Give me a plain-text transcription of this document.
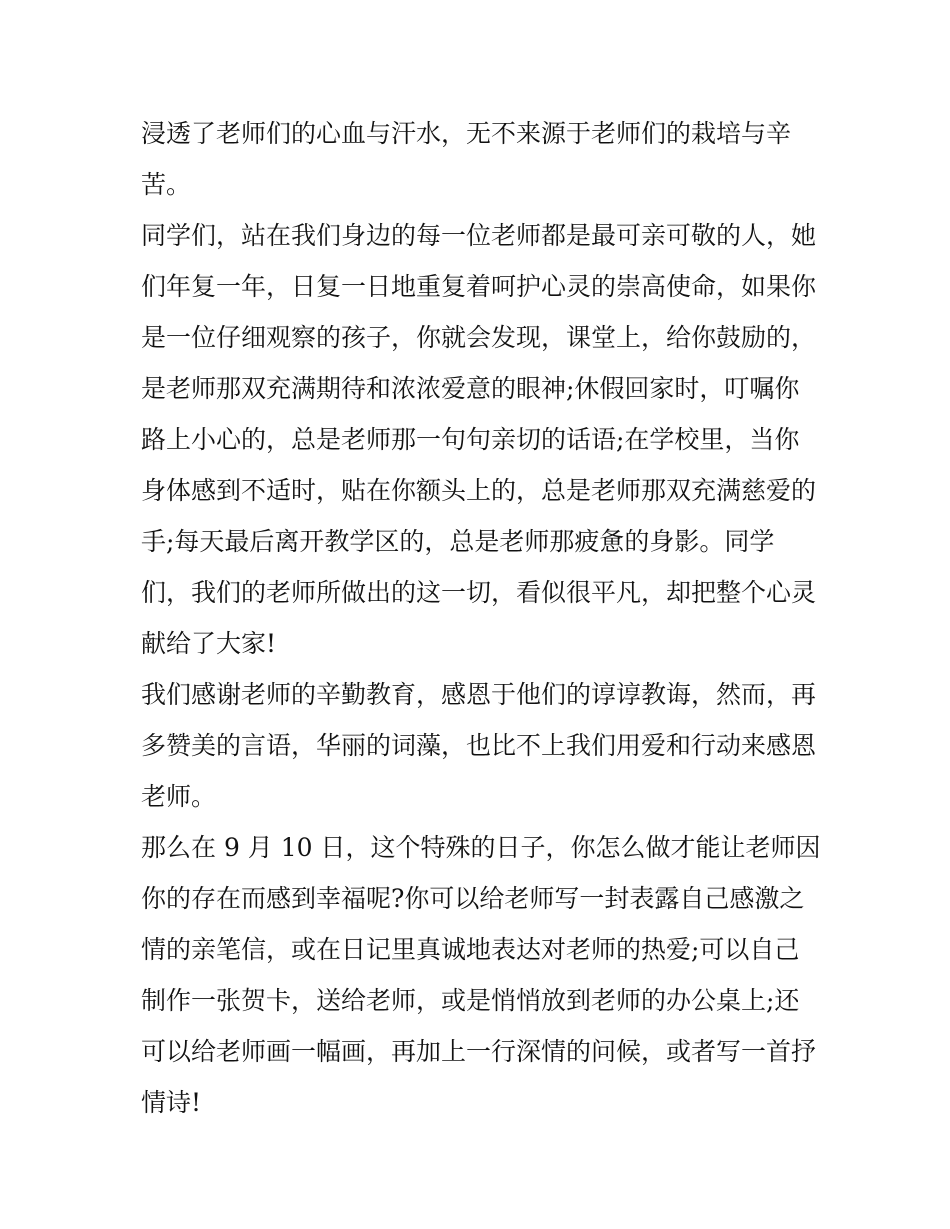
浸透了老师们的心血与汗水，无不来源于老师们的栽培与辛
苦。

同学们，站在我们身边的每一位老师都是最可亲可敬的人，她
们年复一年，日复一日地重复着呵护心灵的崇高使命，如果你
是一位仔细观察的孩子，你就会发现，课堂上，给你鼓励的，
是老师那双充满期待和浓浓爱意的眼神;休假回家时，叮嘱你
路上小心的，总是老师那一句句亲切的话语;在学校里，当你
身体感到不适时，贴在你额头上的，总是老师那双充满慈爱的
手;每天最后离开教学区的，总是老师那疲惫的身影。同学
们，我们的老师所做出的这一切，看似很平凡，却把整个心灵
献给了大家!

我们感谢老师的辛勤教育，感恩于他们的谆谆教诲，然而，再
多赞美的言语，华丽的词藻，也比不上我们用爱和行动来感恩
老师。

那么在 9 月 10 日，这个特殊的日子，你怎么做才能让老师因
你的存在而感到幸福呢?你可以给老师写一封表露自己感激之
情的亲笔信，或在日记里真诚地表达对老师的热爱;可以自己
制作一张贺卡，送给老师，或是悄悄放到老师的办公桌上;还
可以给老师画一幅画，再加上一行深情的问候，或者写一首抒
情诗!
